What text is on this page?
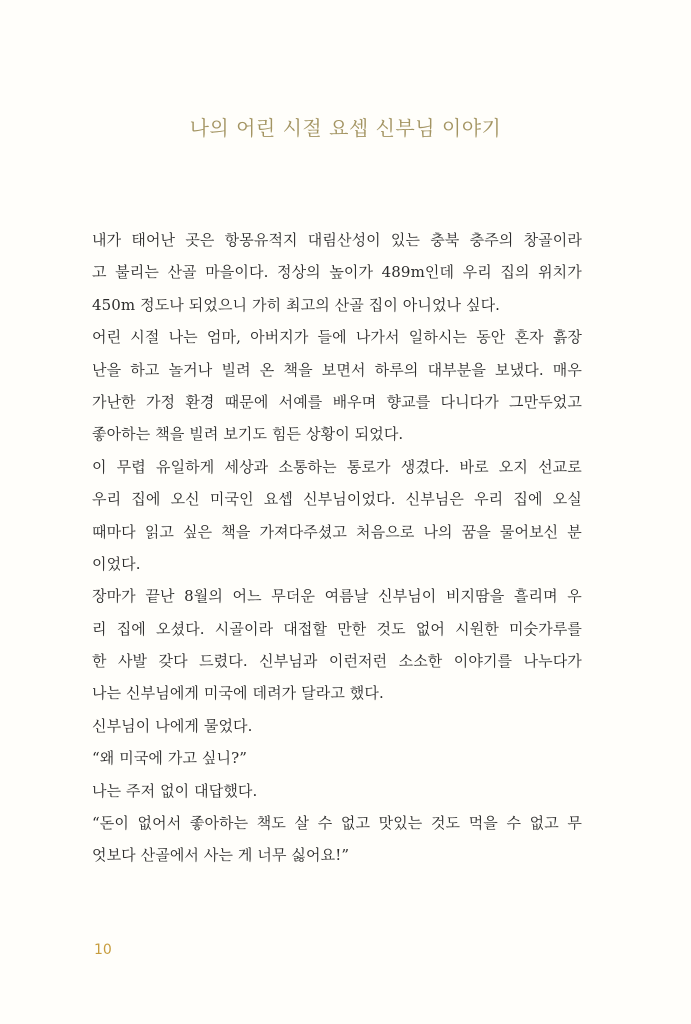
나의 어린 시절 요셉 신부님 이야기
내가 태어난 곳은 항몽유적지 대림산성이 있는 충북 충주의 창골이라
고 불리는 산골 마을이다. 정상의 높이가 489m인데 우리 집의 위치가
450m 정도나 되었으니 가히 최고의 산골 집이 아니었나 싶다.
어린 시절 나는 엄마, 아버지가 들에 나가서 일하시는 동안 혼자 흙장
난을 하고 놀거나 빌려 온 책을 보면서 하루의 대부분을 보냈다. 매우
가난한 가정 환경 때문에 서예를 배우며 향교를 다니다가 그만두었고
좋아하는 책을 빌려 보기도 힘든 상황이 되었다.
이 무렵 유일하게 세상과 소통하는 통로가 생겼다. 바로 오지 선교로
우리 집에 오신 미국인 요셉 신부님이었다. 신부님은 우리 집에 오실
때마다 읽고 싶은 책을 가져다주셨고 처음으로 나의 꿈을 물어보신 분
이었다.
장마가 끝난 8월의 어느 무더운 여름날 신부님이 비지땀을 흘리며 우
리 집에 오셨다. 시골이라 대접할 만한 것도 없어 시원한 미숫가루를
한 사발 갖다 드렸다. 신부님과 이런저런 소소한 이야기를 나누다가
나는 신부님에게 미국에 데려가 달라고 했다.
신부님이 나에게 물었다.
“왜 미국에 가고 싶니?”
나는 주저 없이 대답했다.
“돈이 없어서 좋아하는 책도 살 수 없고 맛있는 것도 먹을 수 없고 무
엇보다 산골에서 사는 게 너무 싫어요!”
10
